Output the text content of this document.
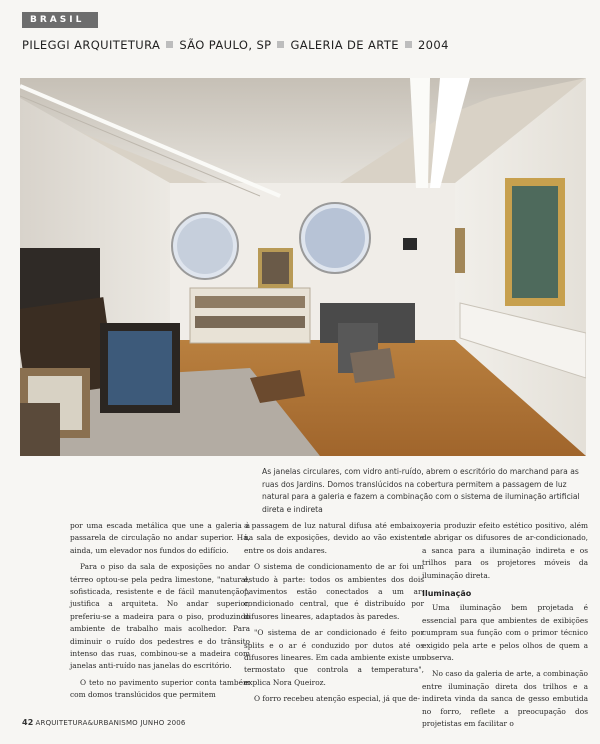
BRASIL
PILEGGI ARQUITETURA SÃO PAULO, SP GALERIA DE ARTE 2004
As janelas circulares, com vidro anti-ruído, abrem o escritório do marchand para as ruas dos Jardins. Domos translúcidos na cobertura permitem a passagem de luz natural para a galeria e fazem a combinação com o sistema de iluminação artificial direta e indireta

por uma escada metálica que une a galeria à passarela de circulação no andar superior. Há, ainda, um elevador nos fundos do edifício.

Para o piso da sala de exposições no andar térreo optou-se pela pedra limestone, "natural, sofisticada, resistente e de fácil manutenção", justifica a arquiteta. No andar superior, preferiu-se a madeira para o piso, produzindo ambiente de trabalho mais acolhedor. Para diminuir o ruído dos pedestres e do trânsito intenso das ruas, combinou-se a madeira com janelas anti-ruído nas janelas do escritório.

O teto no pavimento superior conta também com domos translúcidos que permitem

a passagem de luz natural difusa até embaixo, na sala de exposições, devido ao vão existente entre os dois andares.

O sistema de condicionamento de ar foi um estudo à parte: todos os ambientes dos dois pavimentos estão conectados a um ar-condicionado central, que é distribuído por difusores lineares, adaptados às paredes.

"O sistema de ar condicionado é feito por splits e o ar é conduzido por dutos até os difusores lineares. Em cada ambiente existe um termostato que controla a temperatura", explica Nora Queiroz.

O forro recebeu atenção especial, já que de-

veria produzir efeito estético positivo, além de abrigar os difusores de ar-condicionado, a sanca para a iluminação indireta e os trilhos para os projetores móveis da iluminação direta.

Iluminação

Uma iluminação bem projetada é essencial para que ambientes de exibições cumpram sua função com o primor técnico exigido pela arte e pelos olhos de quem a observa.

No caso da galeria de arte, a combinação entre iluminação direta dos trilhos e a indireta vinda da sanca de gesso embutida no forro, reflete a preocupação dos projetistas em facilitar o

42 ARQUITETURA&URBANISMO JUNHO 2006
